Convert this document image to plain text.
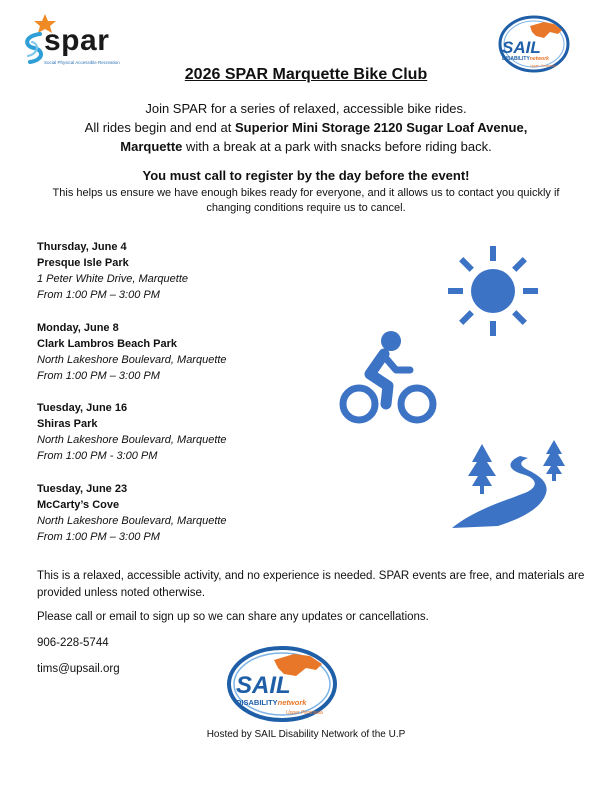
spar
Social Physical Accessible Recreation
SAIL
DISABILITYnetwork
Upper Peninsula
2026 SPAR Marquette Bike Club
Join SPAR for a series of relaxed, accessible bike rides.
All rides begin and end at Superior Mini Storage 2120 Sugar Loaf Avenue, Marquette with a break at a park with snacks before riding back.
You must call to register by the day before the event!
This helps us ensure we have enough bikes ready for everyone, and it allows us to contact you quickly if changing conditions require us to cancel.
Thursday, June 4
Presque Isle Park
1 Peter White Drive, Marquette
From 1:00 PM – 3:00 PM
Monday, June 8
Clark Lambros Beach Park
North Lakeshore Boulevard, Marquette
From 1:00 PM – 3:00 PM
Tuesday, June 16
Shiras Park
North Lakeshore Boulevard, Marquette
From 1:00 PM - 3:00 PM
Tuesday, June 23
McCarty’s Cove
North Lakeshore Boulevard, Marquette
From 1:00 PM – 3:00 PM
This is a relaxed, accessible activity, and no experience is needed. SPAR events are free, and materials are provided unless noted otherwise.
Please call or email to sign up so we can share any updates or cancellations.
906-228-5744
tims@upsail.org
SAIL
DISABILITYnetwork
Upper Peninsula
Hosted by SAIL Disability Network of the U.P
